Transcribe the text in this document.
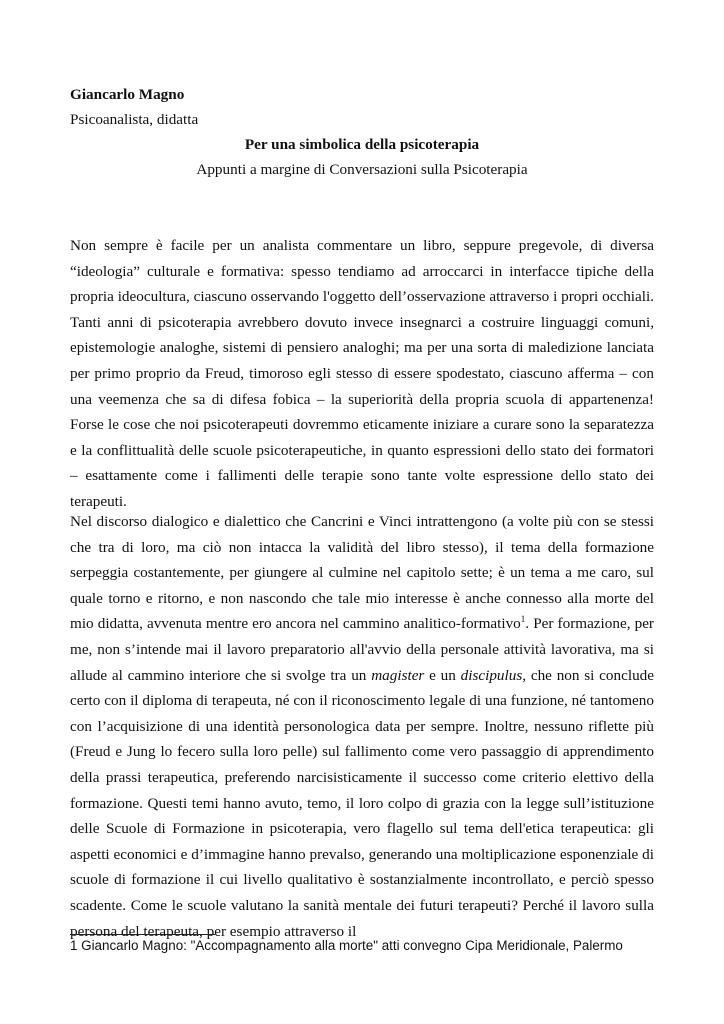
Giancarlo Magno
Psicoanalista, didatta
Per una simbolica della psicoterapia
Appunti a margine di Conversazioni sulla Psicoterapia

Non sempre è facile per un analista commentare un libro, seppure pregevole, di diversa “ideologia” culturale e formativa: spesso tendiamo ad arroccarci in interfacce tipiche della propria ideocultura, ciascuno osservando l'oggetto dell’osservazione attraverso i propri occhiali. Tanti anni di psicoterapia avrebbero dovuto invece insegnarci a costruire linguaggi comuni, epistemologie analoghe, sistemi di pensiero analoghi; ma per una sorta di maledizione lanciata per primo proprio da Freud, timoroso egli stesso di essere spodestato, ciascuno afferma – con una veemenza che sa di difesa fobica – la superiorità della propria scuola di appartenenza! Forse le cose che noi psicoterapeuti dovremmo eticamente iniziare a curare sono la separatezza e la conflittualità delle scuole psicoterapeutiche, in quanto espressioni dello stato dei formatori – esattamente come i fallimenti delle terapie sono tante volte espressione dello stato dei terapeuti.

Nel discorso dialogico e dialettico che Cancrini e Vinci intrattengono (a volte più con se stessi che tra di loro, ma ciò non intacca la validità del libro stesso), il tema della formazione serpeggia costantemente, per giungere al culmine nel capitolo sette; è un tema a me caro, sul quale torno e ritorno, e non nascondo che tale mio interesse è anche connesso alla morte del mio didatta, avvenuta mentre ero ancora nel cammino analitico-formativo$^1$. Per formazione, per me, non s’intende mai il lavoro preparatorio all'avvio della personale attività lavorativa, ma si allude al cammino interiore che si svolge tra un magister e un discipulus, che non si conclude certo con il diploma di terapeuta, né con il riconoscimento legale di una funzione, né tantomeno con l’acquisizione di una identità personologica data per sempre. Inoltre, nessuno riflette più (Freud e Jung lo fecero sulla loro pelle) sul fallimento come vero passaggio di apprendimento della prassi terapeutica, preferendo narcisisticamente il successo come criterio elettivo della formazione. Questi temi hanno avuto, temo, il loro colpo di grazia con la legge sull’istituzione delle Scuole di Formazione in psicoterapia, vero flagello sul tema dell'etica terapeutica: gli aspetti economici e d’immagine hanno prevalso, generando una moltiplicazione esponenziale di scuole di formazione il cui livello qualitativo è sostanzialmente incontrollato, e perciò spesso scadente. Come le scuole valutano la sanità mentale dei futuri terapeuti? Perché il lavoro sulla persona del terapeuta, per esempio attraverso il

1 Giancarlo Magno: "Accompagnamento alla morte" atti convegno Cipa Meridionale, Palermo
